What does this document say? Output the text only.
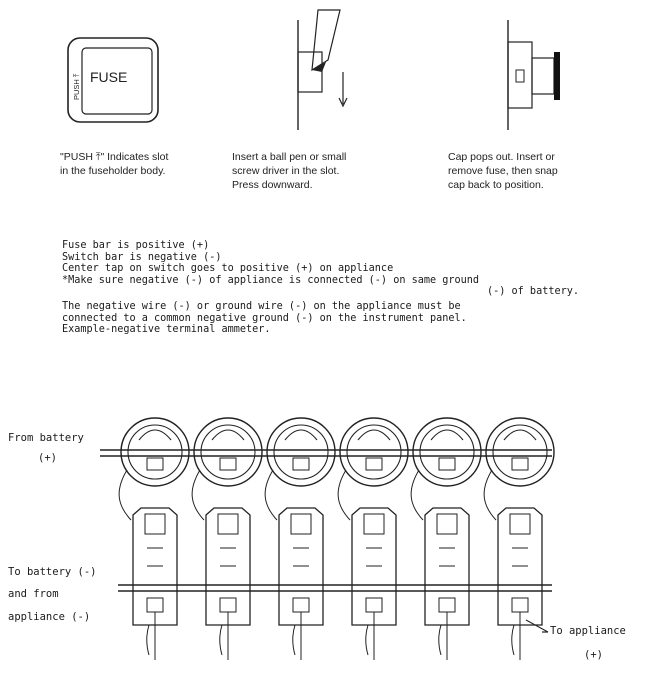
FUSE
PUSH ⤒
"PUSH ⤒" Indicates slot
in the fuseholder body.
Insert a ball pen or small
screw driver in the slot.
Press downward.
Cap pops out. Insert or
remove fuse, then snap
cap back to position.
Fuse bar is positive (+)
Switch bar is negative (-)
Center tap on switch goes to positive (+) on appliance
*Make sure negative (-) of appliance is connected (-) on same ground
(-) of battery.
The negative wire (-) or ground wire (-) on the appliance must be
connected to a common negative ground (-) on the instrument panel.
Example-negative terminal ammeter.
From battery
(+)
To battery (-)
and from
appliance (-)
To appliance
(+)
